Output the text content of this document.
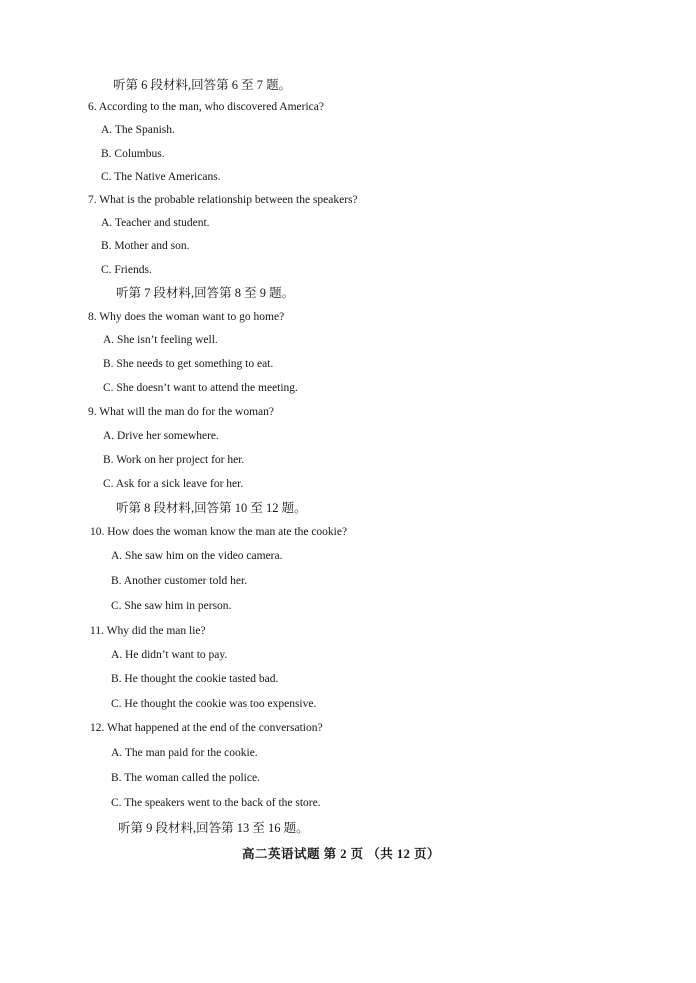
听第 6 段材料,回答第 6 至 7 题。
6. According to the man, who discovered America?
A. The Spanish.
B. Columbus.
C. The Native Americans.
7. What is the probable relationship between the speakers?
A. Teacher and student.
B. Mother and son.
C. Friends.
听第 7 段材料,回答第 8 至 9 题。
8. Why does the woman want to go home?
A. She isn’t feeling well.
B. She needs to get something to eat.
C. She doesn’t want to attend the meeting.
9. What will the man do for the woman?
A. Drive her somewhere.
B. Work on her project for her.
C. Ask for a sick leave for her.
听第 8 段材料,回答第 10 至 12 题。
10. How does the woman know the man ate the cookie?
A. She saw him on the video camera.
B. Another customer told her.
C. She saw him in person.
11. Why did the man lie?
A. He didn’t want to pay.
B. He thought the cookie tasted bad.
C. He thought the cookie was too expensive.
12. What happened at the end of the conversation?
A. The man paid for the cookie.
B. The woman called the police.
C. The speakers went to the back of the store.
听第 9 段材料,回答第 13 至 16 题。
高二英语试题 第 2 页 （共 12 页）
